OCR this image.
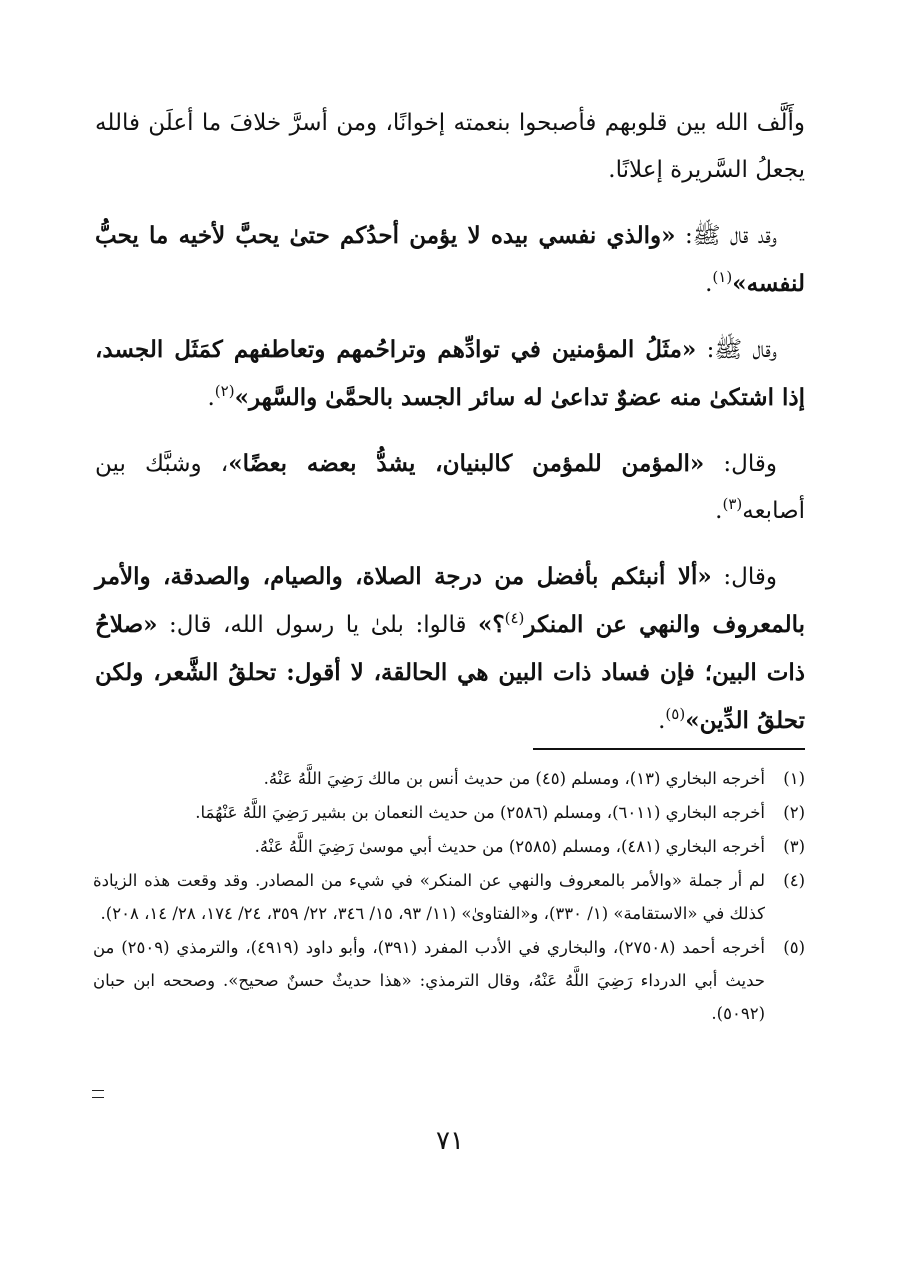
وأَلَّف الله بين قلوبهم فأصبحوا بنعمته إخوانًا، ومن أسرَّ خلافَ ما أعلَن فالله يجعلُ السَّريرة إعلانًا.

وقد قال ﷺ: «والذي نفسي بيده لا يؤمن أحدُكم حتىٰ يحبَّ لأخيه ما يحبُّ لنفسه»$^{(١)}$.

وقال ﷺ: «مثَلُ المؤمنين في توادِّهم وتراحُمهم وتعاطفهم كمَثَل الجسد، إذا اشتكىٰ منه عضوٌ تداعىٰ له سائر الجسد بالحمَّىٰ والسَّهر»$^{(٢)}$.

وقال: «المؤمن للمؤمن كالبنيان، يشدُّ بعضه بعضًا»، وشبَّك بين أصابعه$^{(٣)}$.

وقال: «ألا أنبئكم بأفضل من درجة الصلاة، والصيام، والصدقة، والأمر بالمعروف والنهي عن المنكر$^{(٤)}$؟» قالوا: بلىٰ يا رسول الله، قال: «صلاحُ ذات البين؛ فإن فساد ذات البين هي الحالقة، لا أقول: تحلقُ الشَّعر، ولكن تحلقُ الدِّين»$^{(٥)}$.

(١)
أخرجه البخاري (١٣)، ومسلم (٤٥) من حديث أنس بن مالك رَضِيَ اللَّهُ عَنْهُ.
(٢)
أخرجه البخاري (٦٠١١)، ومسلم (٢٥٨٦) من حديث النعمان بن بشير رَضِيَ اللَّهُ عَنْهُمَا.
(٣)
أخرجه البخاري (٤٨١)، ومسلم (٢٥٨٥) من حديث أبي موسىٰ رَضِيَ اللَّهُ عَنْهُ.
(٤)
لم أر جملة «والأمر بالمعروف والنهي عن المنكر» في شيء من المصادر. وقد وقعت هذه الزيادة كذلك في «الاستقامة» (١/ ٣٣٠)، و«الفتاوىٰ» (١١/ ٩٣، ١٥/ ٣٤٦، ٢٢/ ٣٥٩، ٢٤/ ١٧٤، ٢٨/ ١٤، ٢٠٨).
(٥)
أخرجه أحمد (٢٧٥٠٨)، والبخاري في الأدب المفرد (٣٩١)، وأبو داود (٤٩١٩)، والترمذي (٢٥٠٩) من حديث أبي الدرداء رَضِيَ اللَّهُ عَنْهُ، وقال الترمذي: «هذا حديثٌ حسنٌ صحيح». وصححه ابن حبان (٥٠٩٢).
٧١
